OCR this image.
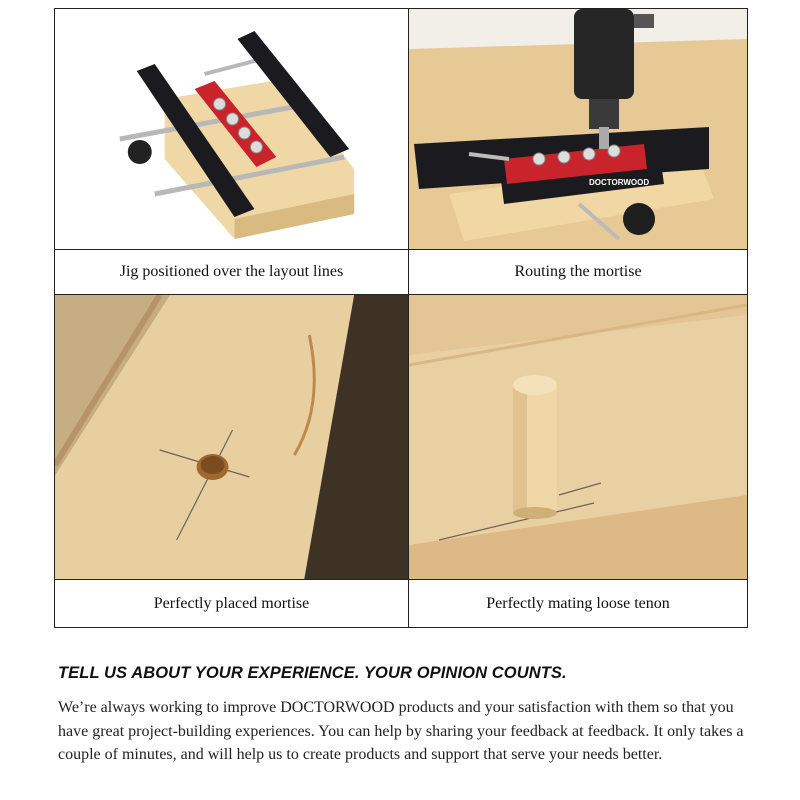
Jig positioned over the layout lines
DOCTORWOOD
Routing the mortise
Perfectly placed mortise	Perfectly mating loose tenon
TELL US ABOUT YOUR EXPERIENCE. YOUR OPINION COUNTS.
We’re always working to improve DOCTORWOOD products and your satisfaction with them so that you have great project-building experiences. You can help by sharing your feedback at feedback. It only takes a couple of minutes, and will help us to create products and support that serve your needs better.
